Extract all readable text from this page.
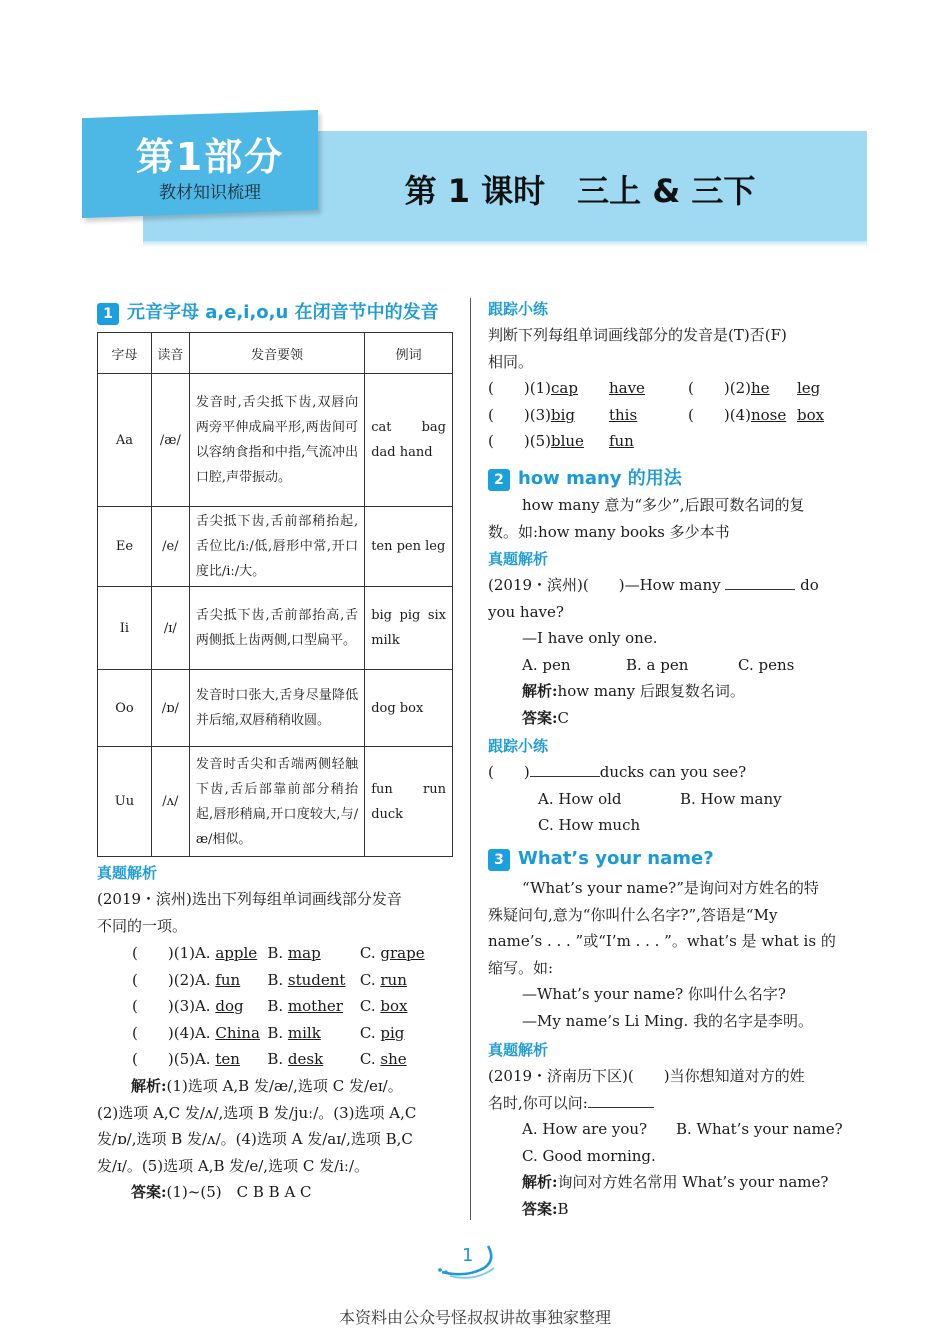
第1部分
教材知识梳理	第 1 课时　三上 & 三下
1 元音字母 a,e,i,o,u 在闭音节中的发音
字母	读音	发音要领	例词
Aa	/æ/	发音时,舌尖抵下齿,双唇向两旁平伸成扁平形,两齿间可以容纳食指和中指,气流冲出口腔,声带振动。	cat bag dad hand
Ee	/e/	舌尖抵下齿,舌前部稍抬起,舌位比/iː/低,唇形中常,开口度比/iː/大。	ten pen leg
Ii	/ɪ/	舌尖抵下齿,舌前部抬高,舌两侧抵上齿两侧,口型扁平。	big pig six milk
Oo	/ɒ/	发音时口张大,舌身尽量降低并后缩,双唇稍稍收圆。	dog box
Uu	/ʌ/	发音时舌尖和舌端两侧轻触下齿,舌后部靠前部分稍抬起,唇形稍扁,开口度较大,与/æ/相似。	fun run duck
真题解析
(2019・滨州)选出下列每组单词画线部分发音
不同的一项。
(　　)(1)A. apple B. map	C. grape
(　　)(2)A. fun B. student C. run
(　　)(3)A. dog B. mother C. box
(　　)(4)A. China B. milk	C. pig
(　　)(5)A. ten B. desk C. she
解析:(1)选项 A,B 发/æ/,选项 C 发/eɪ/。
(2)选项 A,C 发/ʌ/,选项 B 发/juː/。(3)选项 A,C
发/ɒ/,选项 B 发/ʌ/。(4)选项 A 发/aɪ/,选项 B,C
发/ɪ/。(5)选项 A,B 发/e/,选项 C 发/iː/。
答案:(1)~(5)　C B B A C
跟踪小练
判断下列每组单词画线部分的发音是(T)否(F)
相同。
(　　)(1)cap have	(　　)(2)he leg
(　　)(3)big this	(　　)(4)nose box
(　　)(5)blue fun
2 how many 的用法
how many 意为“多少”,后跟可数名词的复
数。如:how many books 多少本书
真题解析
(2019・滨州)(　　)—How many	do
you have?
—I have only one.
A. pen	B. a pen	C. pens
解析:how many 后跟复数名词。
答案:C
跟踪小练
(　　)	ducks can you see?
A. How old	B. How many
C. How much
3 What’s your name?
“What’s your name?”是询问对方姓名的特
殊疑问句,意为“你叫什么名字?”,答语是“My
name’s . . . ”或“I’m . . . ”。what’s 是 what is 的
缩写。如:
—What’s your name? 你叫什么名字?
—My name’s Li Ming. 我的名字是李明。
真题解析
(2019・济南历下区)(　　)当你想知道对方的姓
名时,你可以问:
A. How are you? B. What’s your name?
C. Good morning.
解析:询问对方姓名常用 What’s your name?
答案:B
1
本资料由公众号怪叔叔讲故事独家整理
